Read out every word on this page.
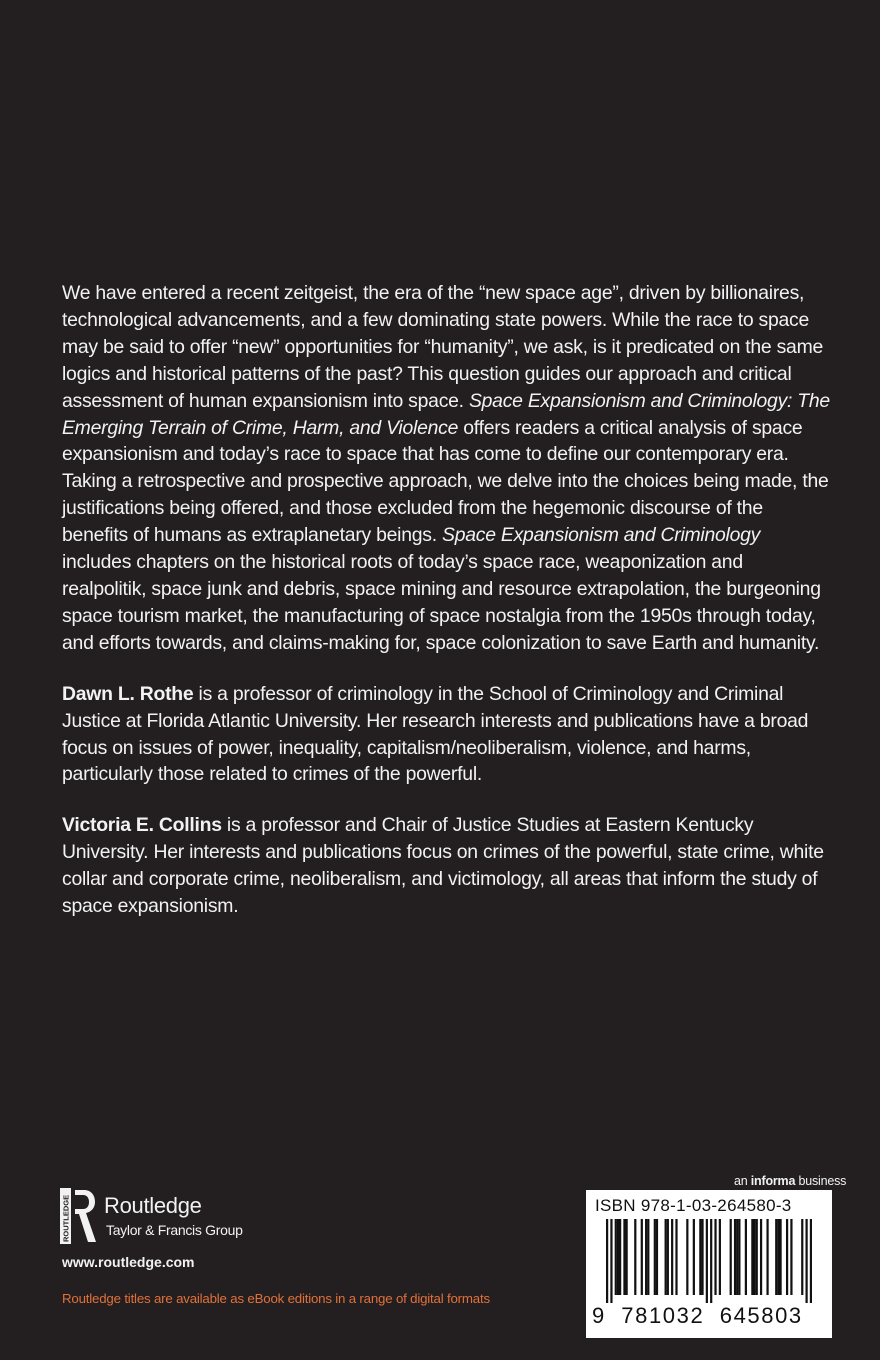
We have entered a recent zeitgeist, the era of the “new space age”, driven by billionaires, technological advancements, and a few dominating state powers. While the race to space may be said to offer “new” opportunities for “humanity”, we ask, is it predicated on the same logics and historical patterns of the past? This question guides our approach and critical assessment of human expansionism into space. Space Expansionism and Criminology: The Emerging Terrain of Crime, Harm, and Violence offers readers a critical analysis of space expansionism and today’s race to space that has come to define our contemporary era. Taking a retrospective and prospective approach, we delve into the choices being made, the justifications being offered, and those excluded from the hegemonic discourse of the benefits of humans as extraplanetary beings. Space Expansionism and Criminology includes chapters on the historical roots of today’s space race, weaponization and realpolitik, space junk and debris, space mining and resource extrapolation, the burgeoning space tourism market, the manufacturing of space nostalgia from the 1950s through today, and efforts towards, and claims-making for, space colonization to save Earth and humanity.

Dawn L. Rothe is a professor of criminology in the School of Criminology and Criminal Justice at Florida Atlantic University. Her research interests and publications have a broad focus on issues of power, inequality, capitalism/neoliberalism, violence, and harms, particularly those related to crimes of the powerful.

Victoria E. Collins is a professor and Chair of Justice Studies at Eastern Kentucky University. Her interests and publications focus on crimes of the powerful, state crime, white collar and corporate crime, neoliberalism, and victimology, all areas that inform the study of space expansionism.

an informa business
ISBN 978-1-03-264580-3
9 781032 645803
ROUTLEDGE Routledge
Taylor & Francis Group
www.routledge.com
Routledge titles are available as eBook editions in a range of digital formats
